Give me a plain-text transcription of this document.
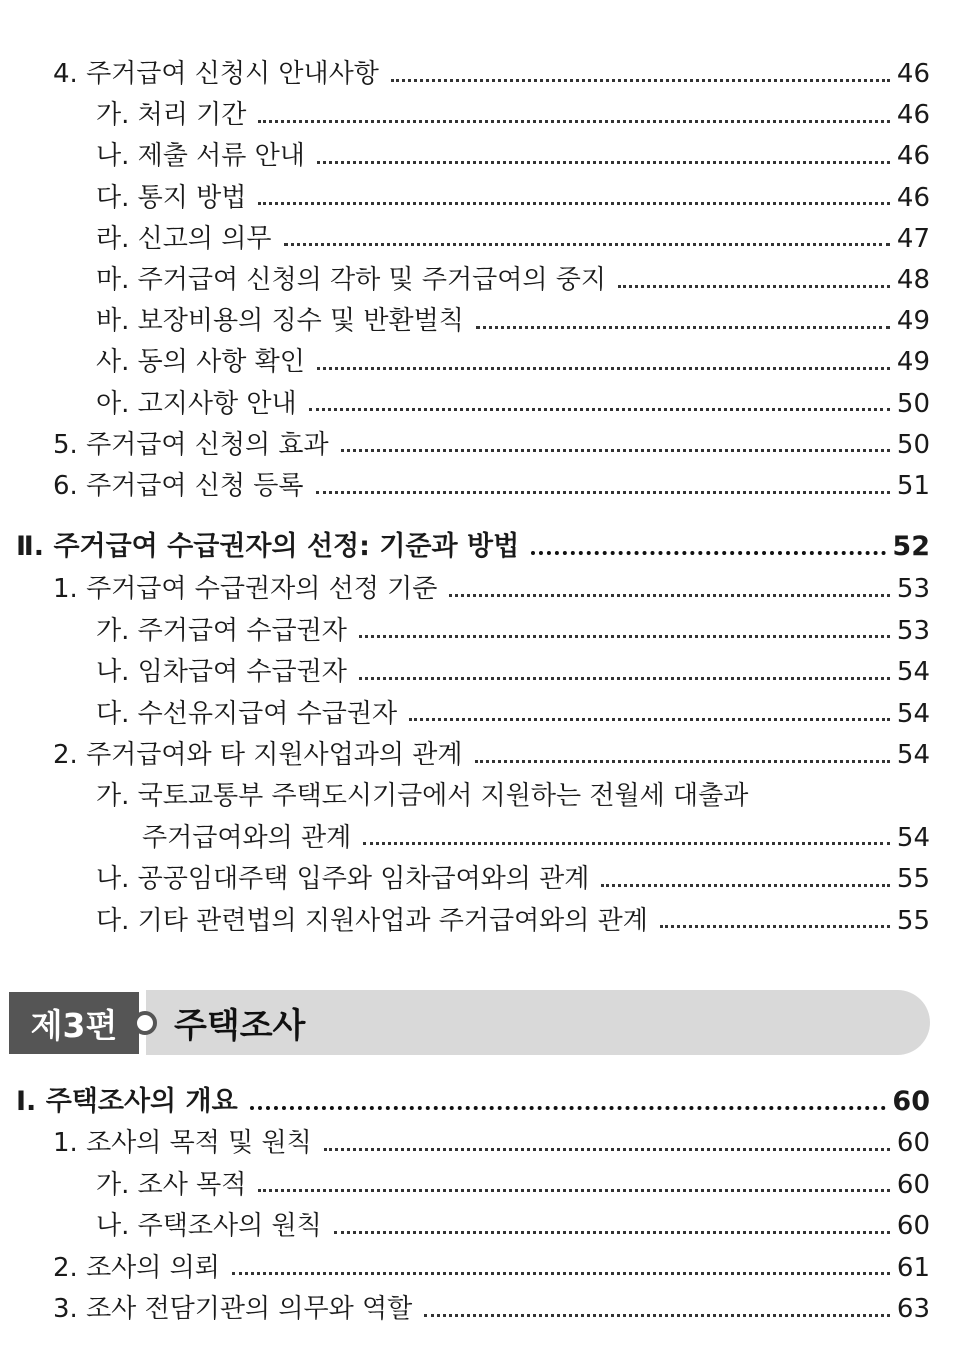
4. 주거급여 신청시 안내사항	46
가. 처리 기간	46
나. 제출 서류 안내	46
다. 통지 방법	46
라. 신고의 의무	47
마. 주거급여 신청의 각하 및 주거급여의 중지	48
바. 보장비용의 징수 및 반환벌칙	49
사. 동의 사항 확인	49
아. 고지사항 안내	50
5. 주거급여 신청의 효과	50
6. 주거급여 신청 등록	51
Ⅱ. 주거급여 수급권자의 선정: 기준과 방법	52
1. 주거급여 수급권자의 선정 기준	53
가. 주거급여 수급권자	53
나. 임차급여 수급권자	54
다. 수선유지급여 수급권자	54
2. 주거급여와 타 지원사업과의 관계	54
가. 국토교통부 주택도시기금에서 지원하는 전월세 대출과
주거급여와의 관계	54
나. 공공임대주택 입주와 임차급여와의 관계	55
다. 기타 관련법의 지원사업과 주거급여와의 관계	55
제3편	주택조사
Ⅰ. 주택조사의 개요	60
1. 조사의 목적 및 원칙	60
가. 조사 목적	60
나. 주택조사의 원칙	60
2. 조사의 의뢰	61
3. 조사 전담기관의 의무와 역할	63
